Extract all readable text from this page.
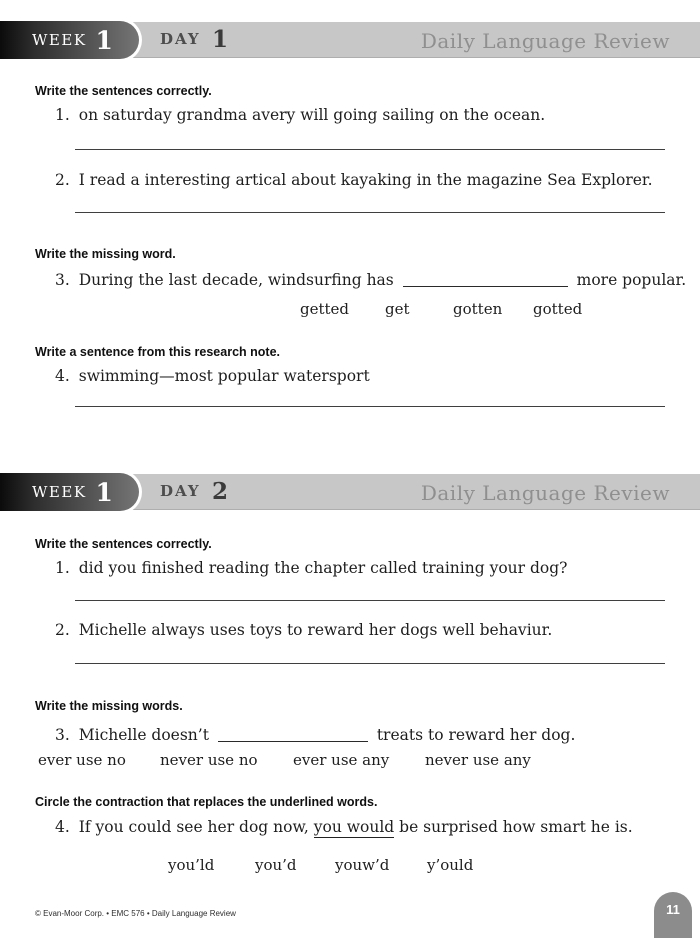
WEEK 1	DAY 1	Daily Language Review
Write the sentences correctly.
1. on saturday grandma avery will going sailing on the ocean.
2. I read a interesting artical about kayaking in the magazine Sea Explorer.
Write the missing word.
3. During the last decade, windsurfing has	more popular.
getted get	gotten gotted
Write a sentence from this research note.
4. swimming—most popular watersport
WEEK 1	DAY 2	Daily Language Review
Write the sentences correctly.
1. did you finished reading the chapter called training your dog?
2. Michelle always uses toys to reward her dogs well behaviur.
Write the missing words.
3. Michelle doesn’t	treats to reward her dog.
ever use no never use no ever use any never use any
Circle the contraction that replaces the underlined words.
4. If you could see her dog now, you would be surprised how smart he is.
you’ld	you’d	youw’d	y’ould
© Evan-Moor Corp. • EMC 576 • Daily Language Review	11
